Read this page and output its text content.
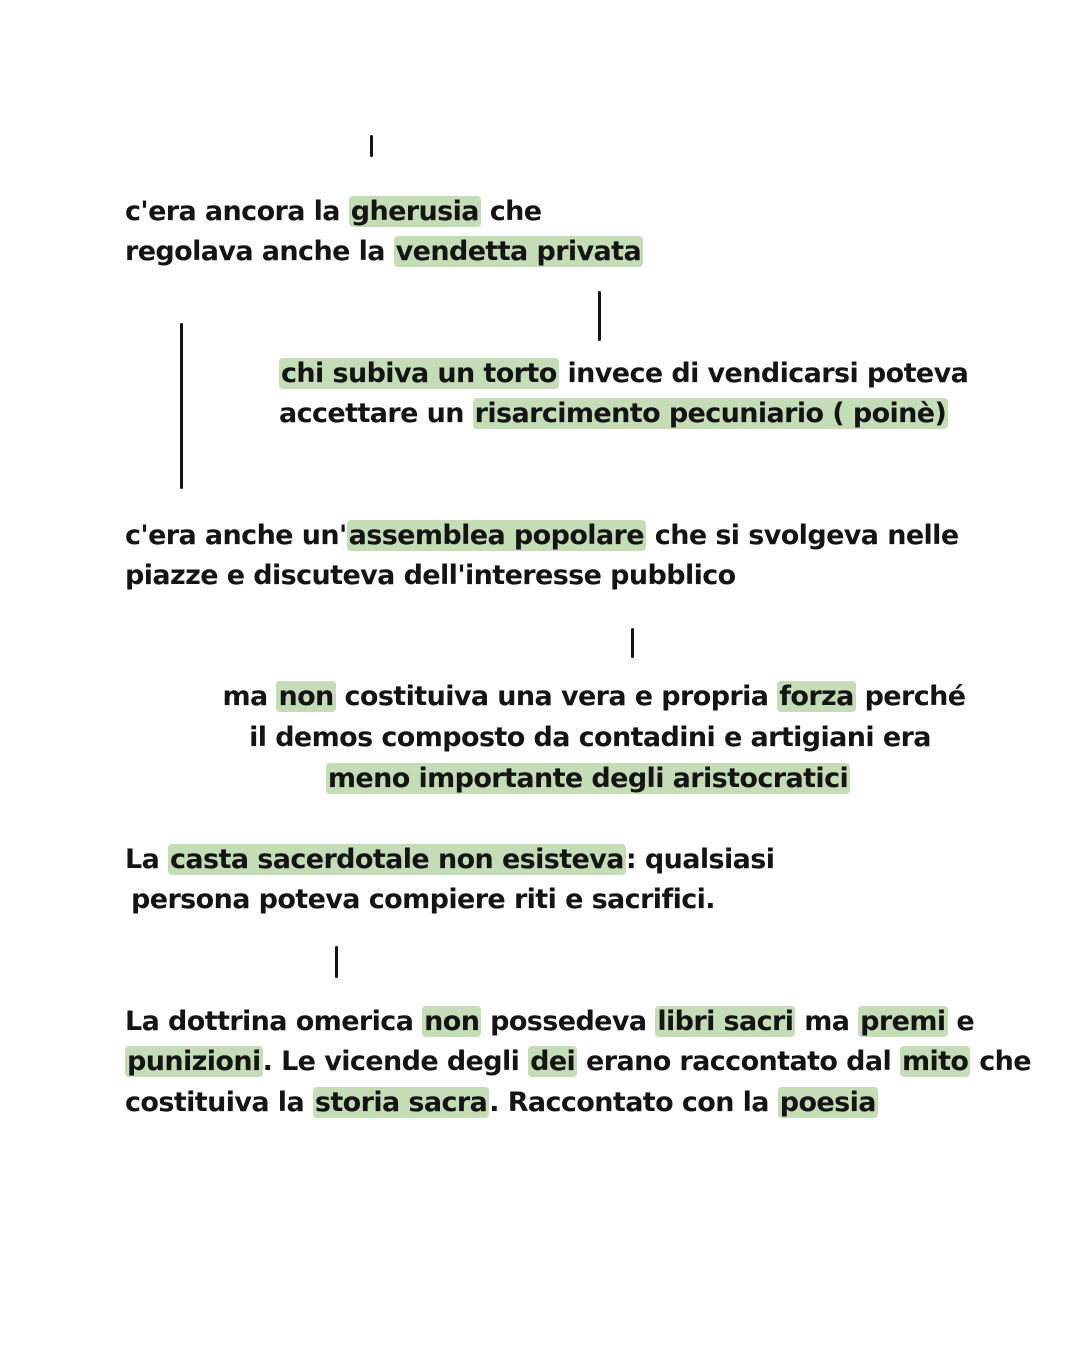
c'era ancora la gherusia che
regolava anche la vendetta privata
chi subiva un torto invece di vendicarsi poteva
accettare un risarcimento pecuniario ( poinè)
c'era anche un'assemblea popolare che si svolgeva nelle
piazze e discuteva dell'interesse pubblico
ma non costituiva una vera e propria forza perché
il demos composto da contadini e artigiani era
meno importante degli aristocratici
La casta sacerdotale non esisteva: qualsiasi
persona poteva compiere riti e sacrifici.
La dottrina omerica non possedeva libri sacri ma premi e
punizioni. Le vicende degli dei erano raccontato dal mito che
costituiva la storia sacra. Raccontato con la poesia
